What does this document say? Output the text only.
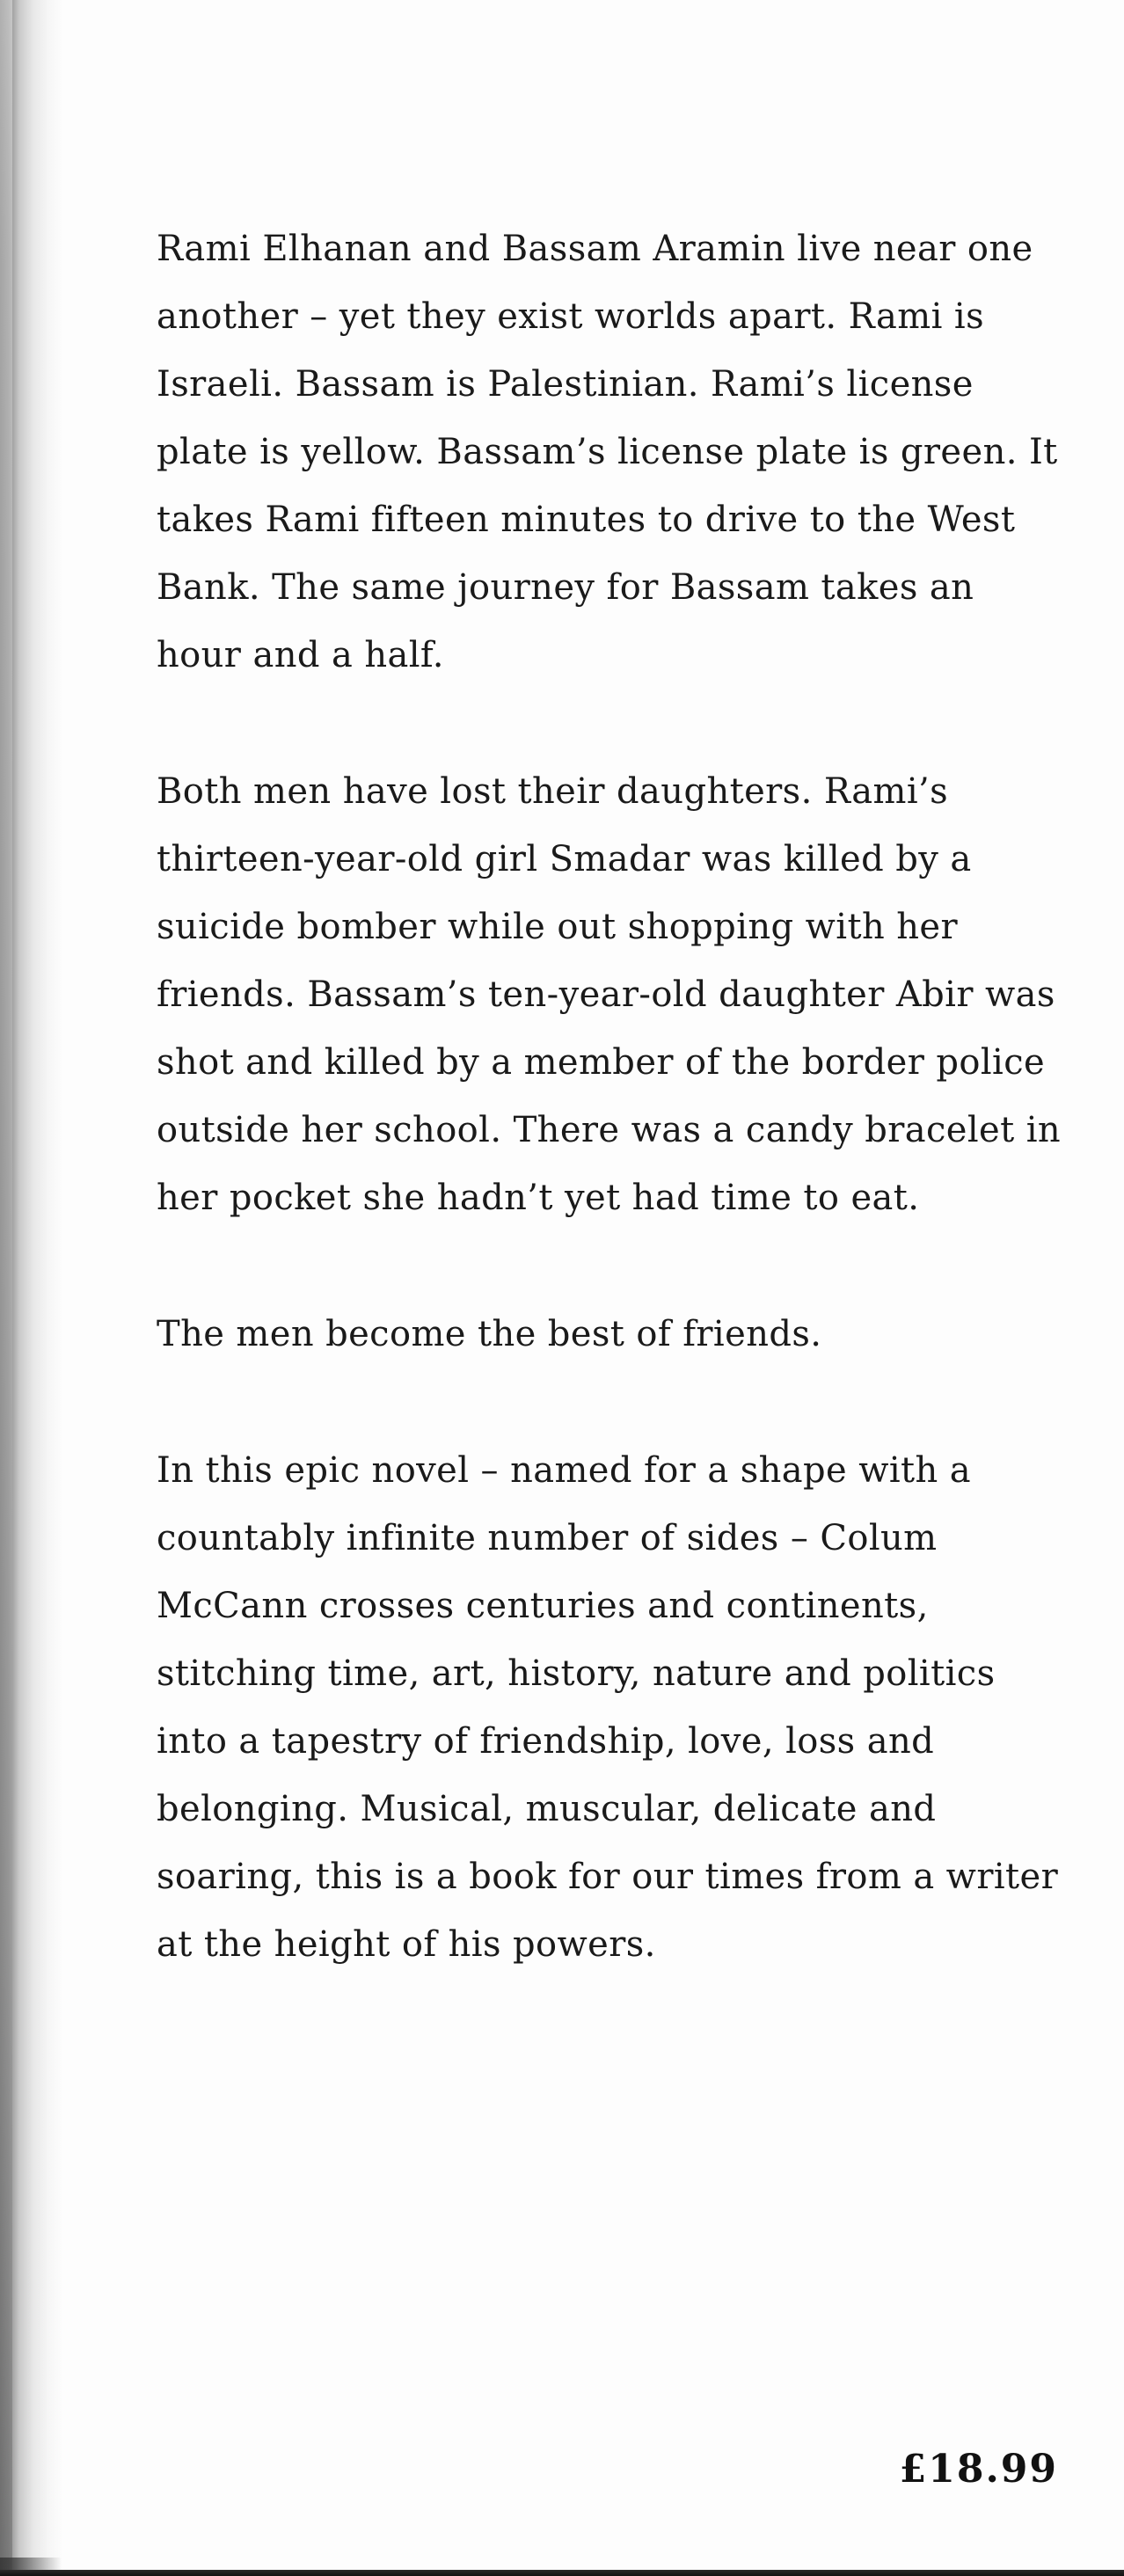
Rami Elhanan and Bassam Aramin live near one another – yet they exist worlds apart. Rami is Israeli. Bassam is Palestinian. Rami’s license plate is yellow. Bassam’s license plate is green. It takes Rami fifteen minutes to drive to the West Bank. The same journey for Bassam takes an hour and a half.

Both men have lost their daughters. Rami’s thirteen-year-old girl Smadar was killed by a suicide bomber while out shopping with her friends. Bassam’s ten-year-old daughter Abir was shot and killed by a member of the border police outside her school. There was a candy bracelet in her pocket she hadn’t yet had time to eat.

The men become the best of friends.

In this epic novel – named for a shape with a countably infinite number of sides – Colum McCann crosses centuries and continents, stitching time, art, history, nature and politics into a tapestry of friendship, love, loss and belonging. Musical, muscular, delicate and soaring, this is a book for our times from a writer at the height of his powers.

£18.99
